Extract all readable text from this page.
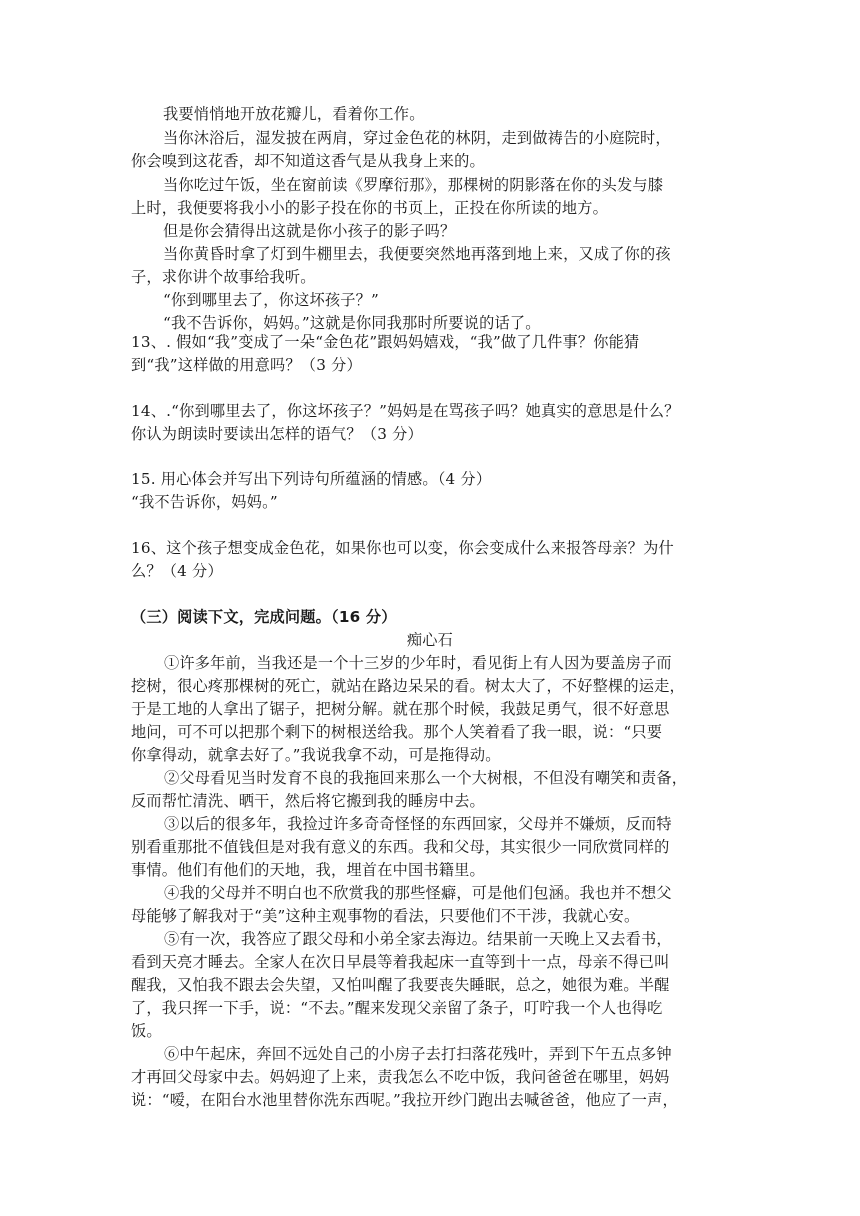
我要悄悄地开放花瓣儿，看着你工作。
当你沐浴后，湿发披在两肩，穿过金色花的林阴，走到做祷告的小庭院时，
你会嗅到这花香，却不知道这香气是从我身上来的。
当你吃过午饭，坐在窗前读《罗摩衍那》，那棵树的阴影落在你的头发与膝
上时，我便要将我小小的影子投在你的书页上，正投在你所读的地方。
但是你会猜得出这就是你小孩子的影子吗？
当你黄昏时拿了灯到牛棚里去，我便要突然地再落到地上来，又成了你的孩
子，求你讲个故事给我听。
“你到哪里去了，你这坏孩子？”
“我不告诉你，妈妈。”这就是你同我那时所要说的话了。
13、. 假如“我”变成了一朵“金色花”跟妈妈嬉戏，“我”做了几件事？你能猜
到“我”这样做的用意吗？（3 分）
14、.“你到哪里去了，你这坏孩子？”妈妈是在骂孩子吗？她真实的意思是什么？
你认为朗读时要读出怎样的语气？（3 分）
15. 用心体会并写出下列诗句所蕴涵的情感。（4 分）
“我不告诉你，妈妈。”
16、这个孩子想变成金色花，如果你也可以变，你会变成什么来报答母亲？为什
么？（4 分）
（三）阅读下文，完成问题。（16 分）
痴心石
①许多年前，当我还是一个十三岁的少年时，看见街上有人因为要盖房子而
挖树，很心疼那棵树的死亡，就站在路边呆呆的看。树太大了，不好整棵的运走，
于是工地的人拿出了锯子，把树分解。就在那个时候，我鼓足勇气，很不好意思
地问，可不可以把那个剩下的树根送给我。那个人笑着看了我一眼，说：“只要
你拿得动，就拿去好了。”我说我拿不动，可是拖得动。
②父母看见当时发育不良的我拖回来那么一个大树根，不但没有嘲笑和责备，
反而帮忙清洗、晒干，然后将它搬到我的睡房中去。
③以后的很多年，我捡过许多奇奇怪怪的东西回家，父母并不嫌烦，反而特
别看重那批不值钱但是对我有意义的东西。我和父母，其实很少一同欣赏同样的
事情。他们有他们的天地，我，埋首在中国书籍里。
④我的父母并不明白也不欣赏我的那些怪癖，可是他们包涵。我也并不想父
母能够了解我对于“美”这种主观事物的看法，只要他们不干涉，我就心安。
⑤有一次，我答应了跟父母和小弟全家去海边。结果前一天晚上又去看书，
看到天亮才睡去。全家人在次日早晨等着我起床一直等到十一点，母亲不得已叫
醒我，又怕我不跟去会失望，又怕叫醒了我要丧失睡眠，总之，她很为难。半醒
了，我只挥一下手，说：“不去。”醒来发现父亲留了条子，叮咛我一个人也得吃
饭。
⑥中午起床，奔回不远处自己的小房子去打扫落花残叶，弄到下午五点多钟
才再回父母家中去。妈妈迎了上来，责我怎么不吃中饭，我问爸爸在哪里，妈妈
说：“嗳，在阳台水池里替你洗东西呢。”我拉开纱门跑出去喊爸爸，他应了一声，
